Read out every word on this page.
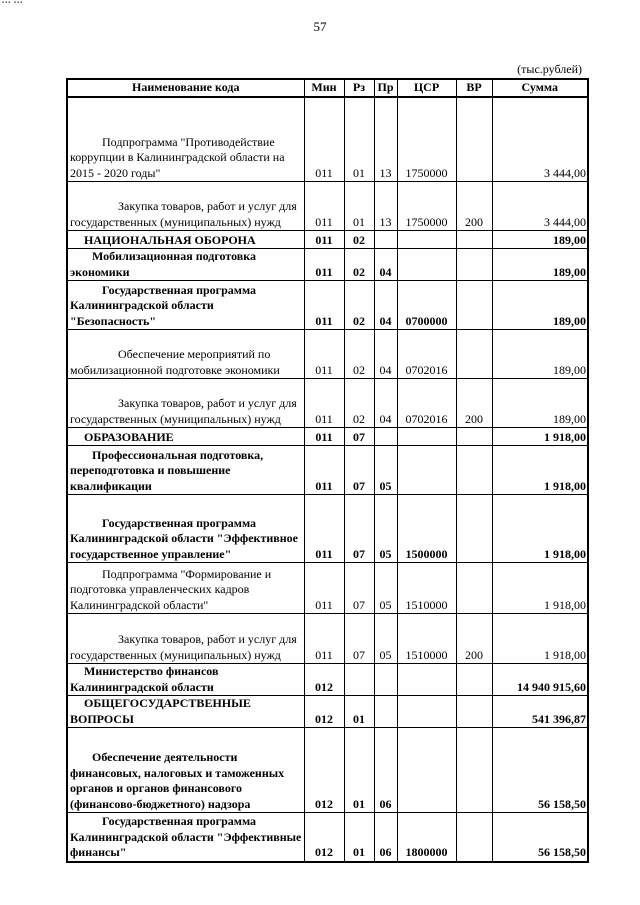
▪▪▪ ▪▪▪
57
(тыс.рублей)
Наименование кода	Мин	Рз	Пр	ЦСР	ВР	Сумма
Подпрограмма "Противодействие коррупции в Калининградской области на 2015 - 2020 годы"	011	01	13	1750000		3 444,00
Закупка товаров, работ и услуг для государственных (муниципальных) нужд	011	01	13	1750000	200	3 444,00
НАЦИОНАЛЬНАЯ ОБОРОНА	011	02				189,00
Мобилизационная подготовка экономики	011	02	04			189,00
Государственная программа Калининградской области "Безопасность"	011	02	04	0700000		189,00
Обеспечение мероприятий по мобилизационной подготовке экономики	011	02	04	0702016		189,00
Закупка товаров, работ и услуг для государственных (муниципальных) нужд	011	02	04	0702016	200	189,00
ОБРАЗОВАНИЕ	011	07				1 918,00
Профессиональная подготовка, переподготовка и повышение квалификации	011	07	05			1 918,00
Государственная программа Калининградской области "Эффективное государственное управление"	011	07	05	1500000		1 918,00
Подпрограмма "Формирование и подготовка управленческих кадров Калининградской области"	011	07	05	1510000		1 918,00
Закупка товаров, работ и услуг для государственных (муниципальных) нужд	011	07	05	1510000	200	1 918,00
Министерство финансов Калининградской области	012					14 940 915,60
ОБЩЕГОСУДАРСТВЕННЫЕ ВОПРОСЫ	012	01				541 396,87
Обеспечение деятельности финансовых, налоговых и таможенных органов и органов финансового (финансово-бюджетного) надзора	012	01	06			56 158,50
Государственная программа Калининградской области "Эффективные финансы"	012	01	06	1800000		56 158,50
